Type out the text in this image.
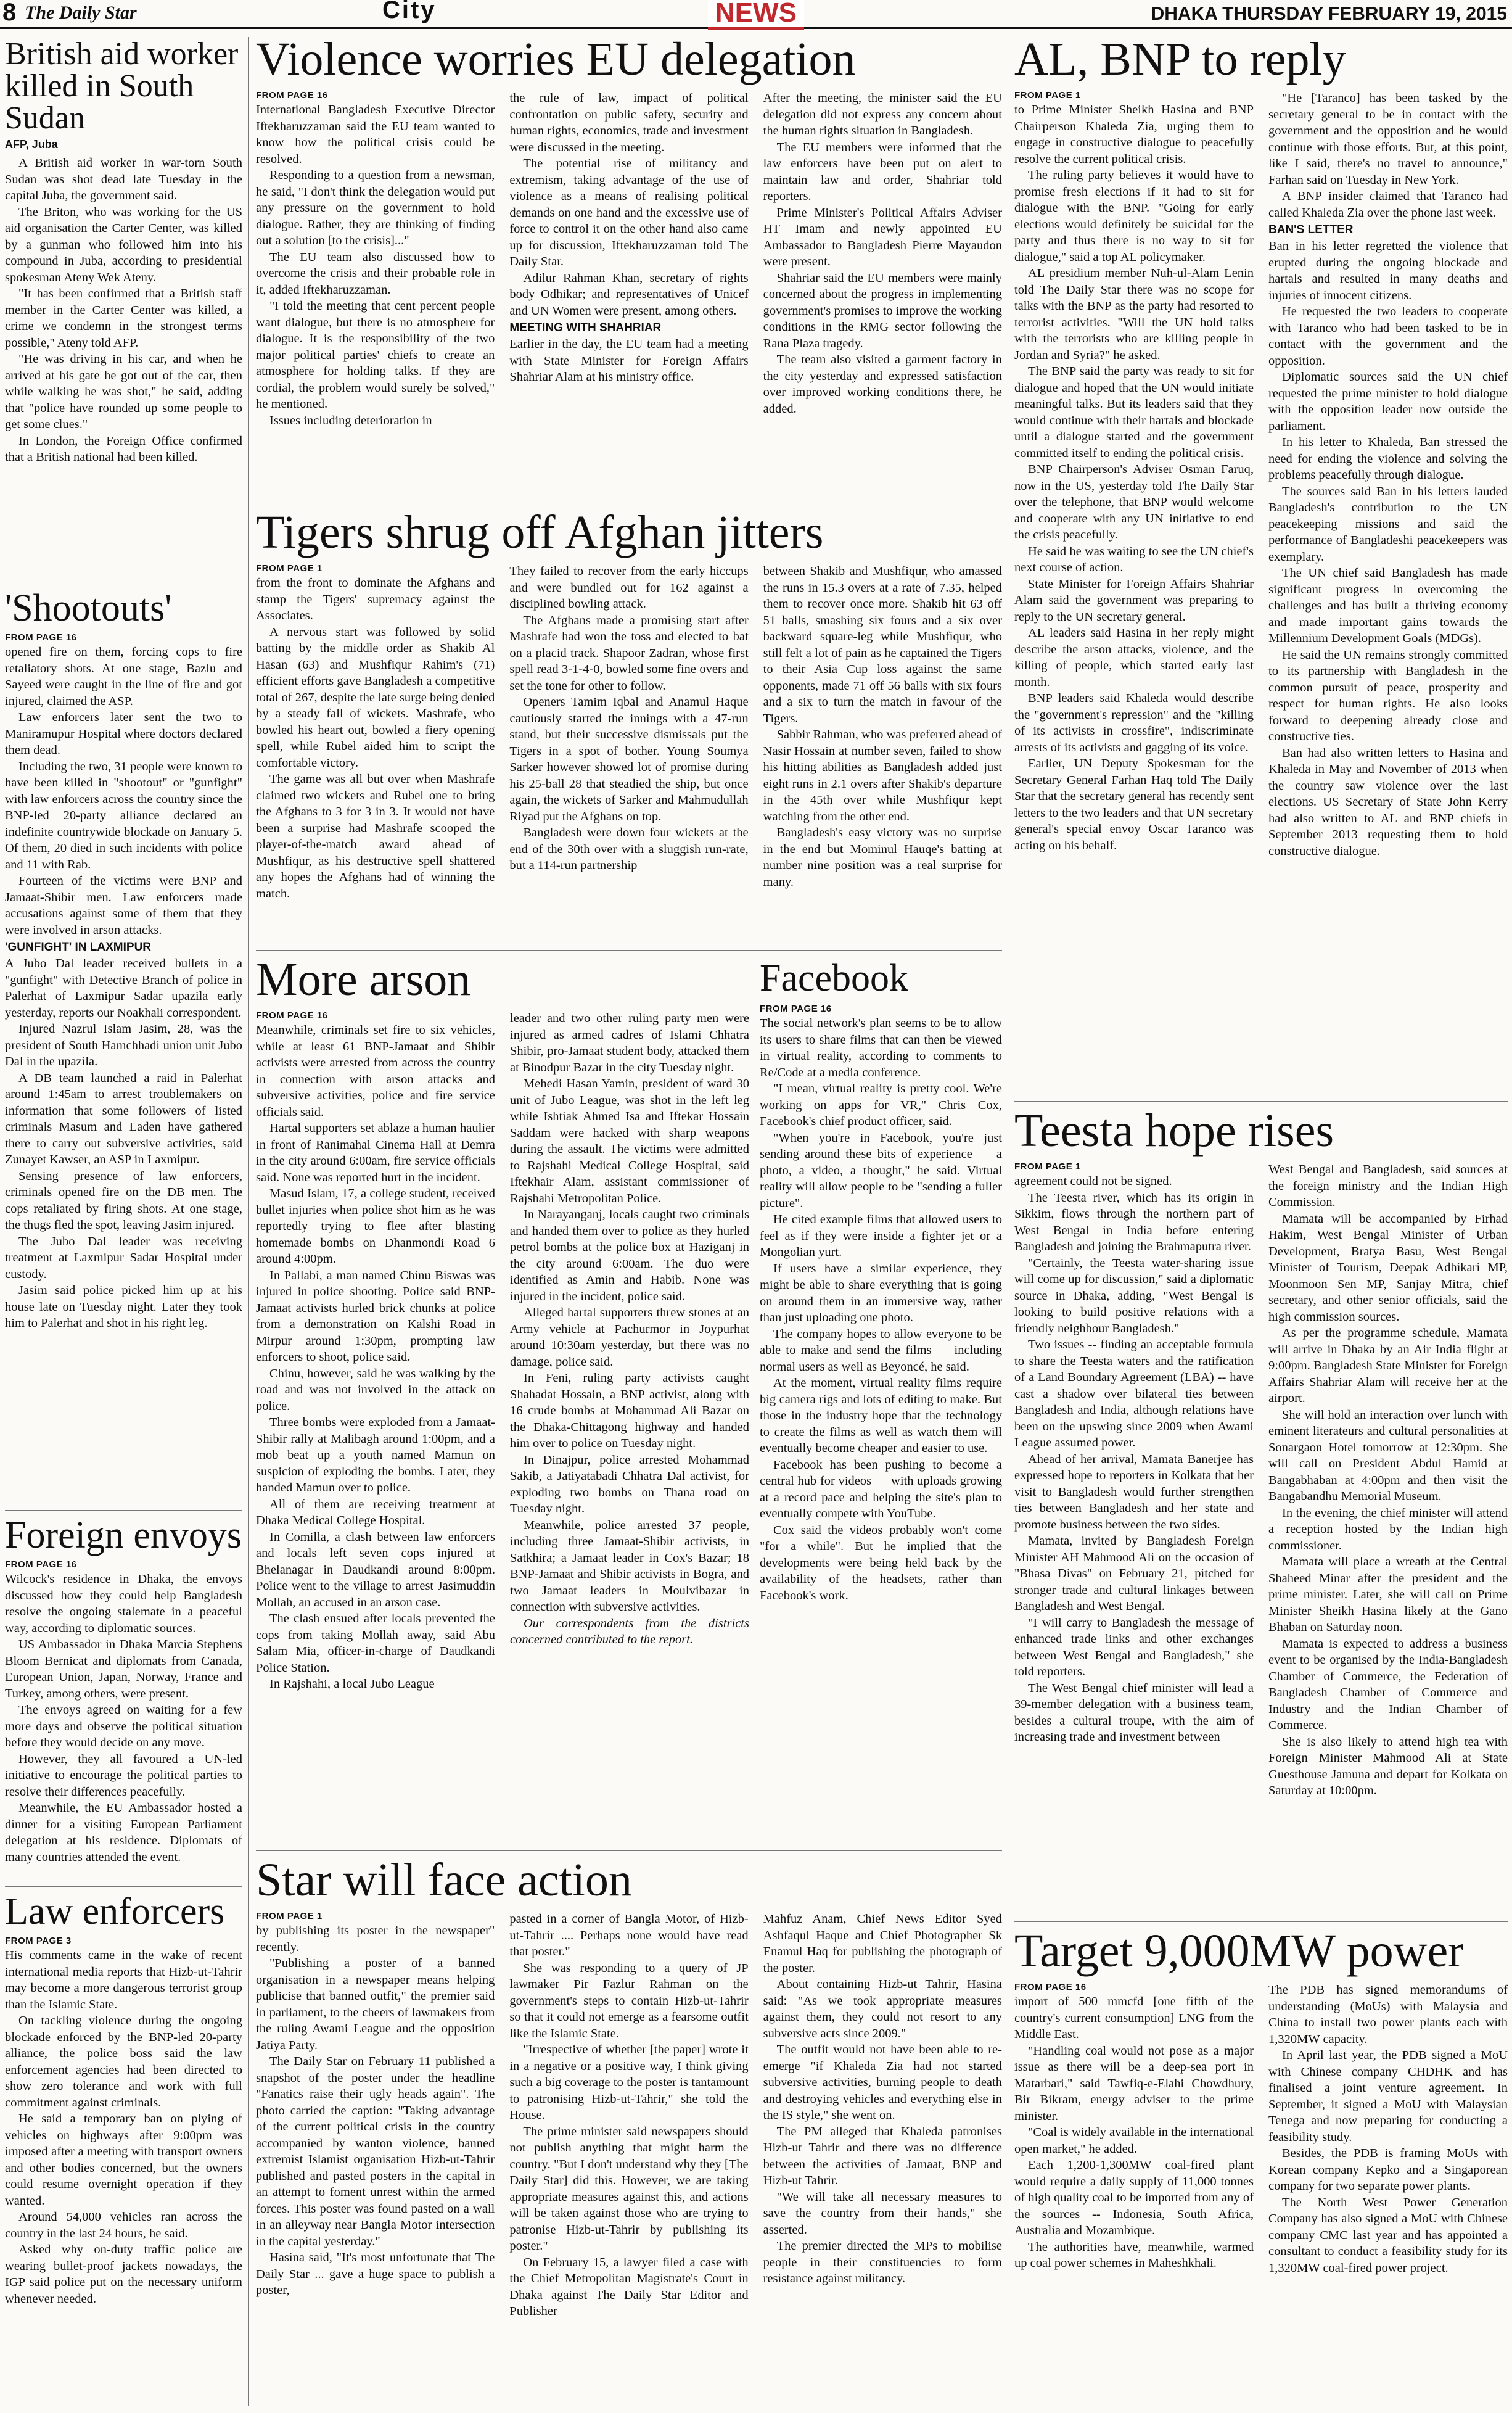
8 The Daily Star	City	NEWS	DHAKA THURSDAY FEBRUARY 19, 2015
British aid worker killed in South Sudan
AFP, Juba

A British aid worker in war-torn South Sudan was shot dead late Tuesday in the capital Juba, the government said.

The Briton, who was working for the US aid organisation the Carter Center, was killed by a gunman who followed him into his compound in Juba, according to presidential spokesman Ateny Wek Ateny.

"It has been confirmed that a British staff member in the Carter Center was killed, a crime we condemn in the strongest terms possible," Ateny told AFP.

"He was driving in his car, and when he arrived at his gate he got out of the car, then while walking he was shot," he said, adding that "police have rounded up some people to get some clues."

In London, the Foreign Office confirmed that a British national had been killed.

'Shootouts'
FROM PAGE 16

opened fire on them, forcing cops to fire retaliatory shots. At one stage, Bazlu and Sayeed were caught in the line of fire and got injured, claimed the ASP.

Law enforcers later sent the two to Maniramupur Hospital where doctors declared them dead.

Including the two, 31 people were known to have been killed in "shootout" or "gunfight" with law enforcers across the country since the BNP-led 20-party alliance declared an indefinite countrywide blockade on January 5. Of them, 20 died in such incidents with police and 11 with Rab.

Fourteen of the victims were BNP and Jamaat-Shibir men. Law enforcers made accusations against some of them that they were involved in arson attacks.

'GUNFIGHT' IN LAXMIPUR

A Jubo Dal leader received bullets in a "gunfight" with Detective Branch of police in Palerhat of Laxmipur Sadar upazila early yesterday, reports our Noakhali correspondent.

Injured Nazrul Islam Jasim, 28, was the president of South Hamchhadi union unit Jubo Dal in the upazila.

A DB team launched a raid in Palerhat around 1:45am to arrest troublemakers on information that some followers of listed criminals Masum and Laden have gathered there to carry out subversive activities, said Zunayet Kawser, an ASP in Laxmipur.

Sensing presence of law enforcers, criminals opened fire on the DB men. The cops retaliated by firing shots. At one stage, the thugs fled the spot, leaving Jasim injured.

The Jubo Dal leader was receiving treatment at Laxmipur Sadar Hospital under custody.

Jasim said police picked him up at his house late on Tuesday night. Later they took him to Palerhat and shot in his right leg.

Foreign envoys
FROM PAGE 16

Wilcock's residence in Dhaka, the envoys discussed how they could help Bangladesh resolve the ongoing stalemate in a peaceful way, according to diplomatic sources.

US Ambassador in Dhaka Marcia Stephens Bloom Bernicat and diplomats from Canada, European Union, Japan, Norway, France and Turkey, among others, were present.

The envoys agreed on waiting for a few more days and observe the political situation before they would decide on any move.

However, they all favoured a UN-led initiative to encourage the political parties to resolve their differences peacefully.

Meanwhile, the EU Ambassador hosted a dinner for a visiting European Parliament delegation at his residence. Diplomats of many countries attended the event.

Law enforcers
FROM PAGE 3

His comments came in the wake of recent international media reports that Hizb-ut-Tahrir may become a more dangerous terrorist group than the Islamic State.

On tackling violence during the ongoing blockade enforced by the BNP-led 20-party alliance, the police boss said the law enforcement agencies had been directed to show zero tolerance and work with full commitment against criminals.

He said a temporary ban on plying of vehicles on highways after 9:00pm was imposed after a meeting with transport owners and other bodies concerned, but the owners could resume overnight operation if they wanted.

Around 54,000 vehicles ran across the country in the last 24 hours, he said.

Asked why on-duty traffic police are wearing bullet-proof jackets nowadays, the IGP said police put on the necessary uniform whenever needed.

Violence worries EU delegation
FROM PAGE 16

International Bangladesh Executive Director Iftekharuzzaman said the EU team wanted to know how the political crisis could be resolved.

Responding to a question from a newsman, he said, "I don't think the delegation would put any pressure on the government to hold dialogue. Rather, they are thinking of finding out a solution [to the crisis]..."

The EU team also discussed how to overcome the crisis and their probable role in it, added Iftekharuzzaman.

"I told the meeting that cent percent people want dialogue, but there is no atmosphere for dialogue. It is the responsibility of the two major political parties' chiefs to create an atmosphere for holding talks. If they are cordial, the problem would surely be solved," he mentioned.

Issues including deterioration in

the rule of law, impact of political confrontation on public safety, security and human rights, economics, trade and investment were discussed in the meeting.

The potential rise of militancy and extremism, taking advantage of the use of violence as a means of realising political demands on one hand and the excessive use of force to control it on the other hand also came up for discussion, Iftekharuzzaman told The Daily Star.

Adilur Rahman Khan, secretary of rights body Odhikar; and representatives of Unicef and UN Women were present, among others.

MEETING WITH SHAHRIAR

Earlier in the day, the EU team had a meeting with State Minister for Foreign Affairs Shahriar Alam at his ministry office.

After the meeting, the minister said the EU delegation did not express any concern about the human rights situation in Bangladesh.

The EU members were informed that the law enforcers have been put on alert to maintain law and order, Shahriar told reporters.

Prime Minister's Political Affairs Adviser HT Imam and newly appointed EU Ambassador to Bangladesh Pierre Mayaudon were present.

Shahriar said the EU members were mainly concerned about the progress in implementing government's promises to improve the working conditions in the RMG sector following the Rana Plaza tragedy.

The team also visited a garment factory in the city yesterday and expressed satisfaction over improved working conditions there, he added.

Tigers shrug off Afghan jitters
FROM PAGE 1

from the front to dominate the Afghans and stamp the Tigers' supremacy against the Associates.

A nervous start was followed by solid batting by the middle order as Shakib Al Hasan (63) and Mushfiqur Rahim's (71) efficient efforts gave Bangladesh a competitive total of 267, despite the late surge being denied by a steady fall of wickets. Mashrafe, who bowled his heart out, bowled a fiery opening spell, while Rubel aided him to script the comfortable victory.

The game was all but over when Mashrafe claimed two wickets and Rubel one to bring the Afghans to 3 for 3 in 3. It would not have been a surprise had Mashrafe scooped the player-of-the-match award ahead of Mushfiqur, as his destructive spell shattered any hopes the Afghans had of winning the match.

They failed to recover from the early hiccups and were bundled out for 162 against a disciplined bowling attack.

The Afghans made a promising start after Mashrafe had won the toss and elected to bat on a placid track. Shapoor Zadran, whose first spell read 3-1-4-0, bowled some fine overs and set the tone for other to follow.

Openers Tamim Iqbal and Anamul Haque cautiously started the innings with a 47-run stand, but their successive dismissals put the Tigers in a spot of bother. Young Soumya Sarker however showed lot of promise during his 25-ball 28 that steadied the ship, but once again, the wickets of Sarker and Mahmudullah Riyad put the Afghans on top.

Bangladesh were down four wickets at the end of the 30th over with a sluggish run-rate, but a 114-run partnership

between Shakib and Mushfiqur, who amassed the runs in 15.3 overs at a rate of 7.35, helped them to recover once more. Shakib hit 63 off 51 balls, smashing six fours and a six over backward square-leg while Mushfiqur, who still felt a lot of pain as he captained the Tigers to their Asia Cup loss against the same opponents, made 71 off 56 balls with six fours and a six to turn the match in favour of the Tigers.

Sabbir Rahman, who was preferred ahead of Nasir Hossain at number seven, failed to show his hitting abilities as Bangladesh added just eight runs in 2.1 overs after Shakib's departure in the 45th over while Mushfiqur kept watching from the other end.

Bangladesh's easy victory was no surprise in the end but Mominul Hauqe's batting at number nine position was a real surprise for many.

More arson
FROM PAGE 16

Meanwhile, criminals set fire to six vehicles, while at least 61 BNP-Jamaat and Shibir activists were arrested from across the country in connection with arson attacks and subversive activities, police and fire service officials said.

Hartal supporters set ablaze a human haulier in front of Ranimahal Cinema Hall at Demra in the city around 6:00am, fire service officials said. None was reported hurt in the incident.

Masud Islam, 17, a college student, received bullet injuries when police shot him as he was reportedly trying to flee after blasting homemade bombs on Dhanmondi Road 6 around 4:00pm.

In Pallabi, a man named Chinu Biswas was injured in police shooting. Police said BNP-Jamaat activists hurled brick chunks at police from a demonstration on Kalshi Road in Mirpur around 1:30pm, prompting law enforcers to shoot, police said.

Chinu, however, said he was walking by the road and was not involved in the attack on police.

Three bombs were exploded from a Jamaat-Shibir rally at Malibagh around 1:00pm, and a mob beat up a youth named Mamun on suspicion of exploding the bombs. Later, they handed Mamun over to police.

All of them are receiving treatment at Dhaka Medical College Hospital.

In Comilla, a clash between law enforcers and locals left seven cops injured at Bhelanagar in Daudkandi around 8:00pm. Police went to the village to arrest Jasimuddin Mollah, an accused in an arson case.

The clash ensued after locals prevented the cops from taking Mollah away, said Abu Salam Mia, officer-in-charge of Daudkandi Police Station.

In Rajshahi, a local Jubo League

leader and two other ruling party men were injured as armed cadres of Islami Chhatra Shibir, pro-Jamaat student body, attacked them at Binodpur Bazar in the city Tuesday night.

Mehedi Hasan Yamin, president of ward 30 unit of Jubo League, was shot in the left leg while Ishtiak Ahmed Isa and Iftekar Hossain Saddam were hacked with sharp weapons during the assault. The victims were admitted to Rajshahi Medical College Hospital, said Iftekhair Alam, assistant commissioner of Rajshahi Metropolitan Police.

In Narayanganj, locals caught two criminals and handed them over to police as they hurled petrol bombs at the police box at Haziganj in the city around 6:00am. The duo were identified as Amin and Habib. None was injured in the incident, police said.

Alleged hartal supporters threw stones at an Army vehicle at Pachurmor in Joypurhat around 10:30am yesterday, but there was no damage, police said.

In Feni, ruling party activists caught Shahadat Hossain, a BNP activist, along with 16 crude bombs at Mohammad Ali Bazar on the Dhaka-Chittagong highway and handed him over to police on Tuesday night.

In Dinajpur, police arrested Mohammad Sakib, a Jatiyatabadi Chhatra Dal activist, for exploding two bombs on Thana road on Tuesday night.

Meanwhile, police arrested 37 people, including three Jamaat-Shibir activists, in Satkhira; a Jamaat leader in Cox's Bazar; 18 BNP-Jamaat and Shibir activists in Bogra, and two Jamaat leaders in Moulvibazar in connection with subversive activities.

Our correspondents from the districts concerned contributed to the report.

Facebook
FROM PAGE 16

The social network's plan seems to be to allow its users to share films that can then be viewed in virtual reality, according to comments to Re/Code at a media conference.

"I mean, virtual reality is pretty cool. We're working on apps for VR," Chris Cox, Facebook's chief product officer, said.

"When you're in Facebook, you're just sending around these bits of experience — a photo, a video, a thought," he said. Virtual reality will allow people to be "sending a fuller picture".

He cited example films that allowed users to feel as if they were inside a fighter jet or a Mongolian yurt.

If users have a similar experience, they might be able to share everything that is going on around them in an immersive way, rather than just uploading one photo.

The company hopes to allow everyone to be able to make and send the films — including normal users as well as Beyoncé, he said.

At the moment, virtual reality films require big camera rigs and lots of editing to make. But those in the industry hope that the technology to create the films as well as watch them will eventually become cheaper and easier to use.

Facebook has been pushing to become a central hub for videos — with uploads growing at a record pace and helping the site's plan to eventually compete with YouTube.

Cox said the videos probably won't come "for a while". But he implied that the developments were being held back by the availability of the headsets, rather than Facebook's work.

Star will face action
FROM PAGE 1

by publishing its poster in the newspaper" recently.

"Publishing a poster of a banned organisation in a newspaper means helping publicise that banned outfit," the premier said in parliament, to the cheers of lawmakers from the ruling Awami League and the opposition Jatiya Party.

The Daily Star on February 11 published a snapshot of the poster under the headline "Fanatics raise their ugly heads again". The photo carried the caption: "Taking advantage of the current political crisis in the country accompanied by wanton violence, banned extremist Islamist organisation Hizb-ut-Tahrir published and pasted posters in the capital in an attempt to foment unrest within the armed forces. This poster was found pasted on a wall in an alleyway near Bangla Motor intersection in the capital yesterday."

Hasina said, "It's most unfortunate that The Daily Star ... gave a huge space to publish a poster,

pasted in a corner of Bangla Motor, of Hizb-ut-Tahrir .... Perhaps none would have read that poster."

She was responding to a query of JP lawmaker Pir Fazlur Rahman on the government's steps to contain Hizb-ut-Tahrir so that it could not emerge as a fearsome outfit like the Islamic State.

"Irrespective of whether [the paper] wrote it in a negative or a positive way, I think giving such a big coverage to the poster is tantamount to patronising Hizb-ut-Tahrir," she told the House.

The prime minister said newspapers should not publish anything that might harm the country. "But I don't understand why they [The Daily Star] did this. However, we are taking appropriate measures against this, and actions will be taken against those who are trying to patronise Hizb-ut-Tahrir by publishing its poster."

On February 15, a lawyer filed a case with the Chief Metropolitan Magistrate's Court in Dhaka against The Daily Star Editor and Publisher

Mahfuz Anam, Chief News Editor Syed Ashfaqul Haque and Chief Photographer Sk Enamul Haq for publishing the photograph of the poster.

About containing Hizb-ut Tahrir, Hasina said: "As we took appropriate measures against them, they could not resort to any subversive acts since 2009."

The outfit would not have been able to re-emerge "if Khaleda Zia had not started subversive activities, burning people to death and destroying vehicles and everything else in the IS style," she went on.

The PM alleged that Khaleda patronises Hizb-ut Tahrir and there was no difference between the activities of Jamaat, BNP and Hizb-ut Tahrir.

"We will take all necessary measures to save the country from their hands," she asserted.

The premier directed the MPs to mobilise people in their constituencies to form resistance against militancy.

AL, BNP to reply
FROM PAGE 1

to Prime Minister Sheikh Hasina and BNP Chairperson Khaleda Zia, urging them to engage in constructive dialogue to peacefully resolve the current political crisis.

The ruling party believes it would have to promise fresh elections if it had to sit for dialogue with the BNP. "Going for early elections would definitely be suicidal for the party and thus there is no way to sit for dialogue," said a top AL policymaker.

AL presidium member Nuh-ul-Alam Lenin told The Daily Star there was no scope for talks with the BNP as the party had resorted to terrorist activities. "Will the UN hold talks with the terrorists who are killing people in Jordan and Syria?" he asked.

The BNP said the party was ready to sit for dialogue and hoped that the UN would initiate meaningful talks. But its leaders said that they would continue with their hartals and blockade until a dialogue started and the government committed itself to ending the political crisis.

BNP Chairperson's Adviser Osman Faruq, now in the US, yesterday told The Daily Star over the telephone, that BNP would welcome and cooperate with any UN initiative to end the crisis peacefully.

He said he was waiting to see the UN chief's next course of action.

State Minister for Foreign Affairs Shahriar Alam said the government was preparing to reply to the UN secretary general.

AL leaders said Hasina in her reply might describe the arson attacks, violence, and the killing of people, which started early last month.

BNP leaders said Khaleda would describe the "government's repression" and the "killing of its activists in crossfire", indiscriminate arrests of its activists and gagging of its voice.

Earlier, UN Deputy Spokesman for the Secretary General Farhan Haq told The Daily Star that the secretary general has recently sent letters to the two leaders and that UN secretary general's special envoy Oscar Taranco was acting on his behalf.

"He [Taranco] has been tasked by the secretary general to be in contact with the government and the opposition and he would continue with those efforts. But, at this point, like I said, there's no travel to announce," Farhan said on Tuesday in New York.

A BNP insider claimed that Taranco had called Khaleda Zia over the phone last week.

BAN'S LETTER

Ban in his letter regretted the violence that erupted during the ongoing blockade and hartals and resulted in many deaths and injuries of innocent citizens.

He requested the two leaders to cooperate with Taranco who had been tasked to be in contact with the government and the opposition.

Diplomatic sources said the UN chief requested the prime minister to hold dialogue with the opposition leader now outside the parliament.

In his letter to Khaleda, Ban stressed the need for ending the violence and solving the problems peacefully through dialogue.

The sources said Ban in his letters lauded Bangladesh's contribution to the UN peacekeeping missions and said the performance of Bangladeshi peacekeepers was exemplary.

The UN chief said Bangladesh has made significant progress in overcoming the challenges and has built a thriving economy and made important gains towards the Millennium Development Goals (MDGs).

He said the UN remains strongly committed to its partnership with Bangladesh in the common pursuit of peace, prosperity and respect for human rights. He also looks forward to deepening already close and constructive ties.

Ban had also written letters to Hasina and Khaleda in May and November of 2013 when the country saw violence over the last elections. US Secretary of State John Kerry had also written to AL and BNP chiefs in September 2013 requesting them to hold constructive dialogue.

Teesta hope rises
FROM PAGE 1

agreement could not be signed.

The Teesta river, which has its origin in Sikkim, flows through the northern part of West Bengal in India before entering Bangladesh and joining the Brahmaputra river.

"Certainly, the Teesta water-sharing issue will come up for discussion," said a diplomatic source in Dhaka, adding, "West Bengal is looking to build positive relations with a friendly neighbour Bangladesh."

Two issues -- finding an acceptable formula to share the Teesta waters and the ratification of a Land Boundary Agreement (LBA) -- have cast a shadow over bilateral ties between Bangladesh and India, although relations have been on the upswing since 2009 when Awami League assumed power.

Ahead of her arrival, Mamata Banerjee has expressed hope to reporters in Kolkata that her visit to Bangladesh would further strengthen ties between Bangladesh and her state and promote business between the two sides.

Mamata, invited by Bangladesh Foreign Minister AH Mahmood Ali on the occasion of "Bhasa Divas" on February 21, pitched for stronger trade and cultural linkages between Bangladesh and West Bengal.

"I will carry to Bangladesh the message of enhanced trade links and other exchanges between West Bengal and Bangladesh," she told reporters.

The West Bengal chief minister will lead a 39-member delegation with a business team, besides a cultural troupe, with the aim of increasing trade and investment between

West Bengal and Bangladesh, said sources at the foreign ministry and the Indian High Commission.

Mamata will be accompanied by Firhad Hakim, West Bengal Minister of Urban Development, Bratya Basu, West Bengal Minister of Tourism, Deepak Adhikari MP, Moonmoon Sen MP, Sanjay Mitra, chief secretary, and other senior officials, said the high commission sources.

As per the programme schedule, Mamata will arrive in Dhaka by an Air India flight at 9:00pm. Bangladesh State Minister for Foreign Affairs Shahriar Alam will receive her at the airport.

She will hold an interaction over lunch with eminent literateurs and cultural personalities at Sonargaon Hotel tomorrow at 12:30pm. She will call on President Abdul Hamid at Bangabhaban at 4:00pm and then visit the Bangabandhu Memorial Museum.

In the evening, the chief minister will attend a reception hosted by the Indian high commissioner.

Mamata will place a wreath at the Central Shaheed Minar after the president and the prime minister. Later, she will call on Prime Minister Sheikh Hasina likely at the Gano Bhaban on Saturday noon.

Mamata is expected to address a business event to be organised by the India-Bangladesh Chamber of Commerce, the Federation of Bangladesh Chamber of Commerce and Industry and the Indian Chamber of Commerce.

She is also likely to attend high tea with Foreign Minister Mahmood Ali at State Guesthouse Jamuna and depart for Kolkata on Saturday at 10:00pm.

Target 9,000MW power
FROM PAGE 16

import of 500 mmcfd [one fifth of the country's current consumption] LNG from the Middle East.

"Handling coal would not pose as a major issue as there will be a deep-sea port in Matarbari," said Tawfiq-e-Elahi Chowdhury, Bir Bikram, energy adviser to the prime minister.

"Coal is widely available in the international open market," he added.

Each 1,200-1,300MW coal-fired plant would require a daily supply of 11,000 tonnes of high quality coal to be imported from any of the sources -- Indonesia, South Africa, Australia and Mozambique.

The authorities have, meanwhile, warmed up coal power schemes in Maheshkhali.

The PDB has signed memorandums of understanding (MoUs) with Malaysia and China to install two power plants each with 1,320MW capacity.

In April last year, the PDB signed a MoU with Chinese company CHDHK and has finalised a joint venture agreement. In September, it signed a MoU with Malaysian Tenega and now preparing for conducting a feasibility study.

Besides, the PDB is framing MoUs with Korean company Kepko and a Singaporean company for two separate power plants.

The North West Power Generation Company has also signed a MoU with Chinese company CMC last year and has appointed a consultant to conduct a feasibility study for its 1,320MW coal-fired power project.
